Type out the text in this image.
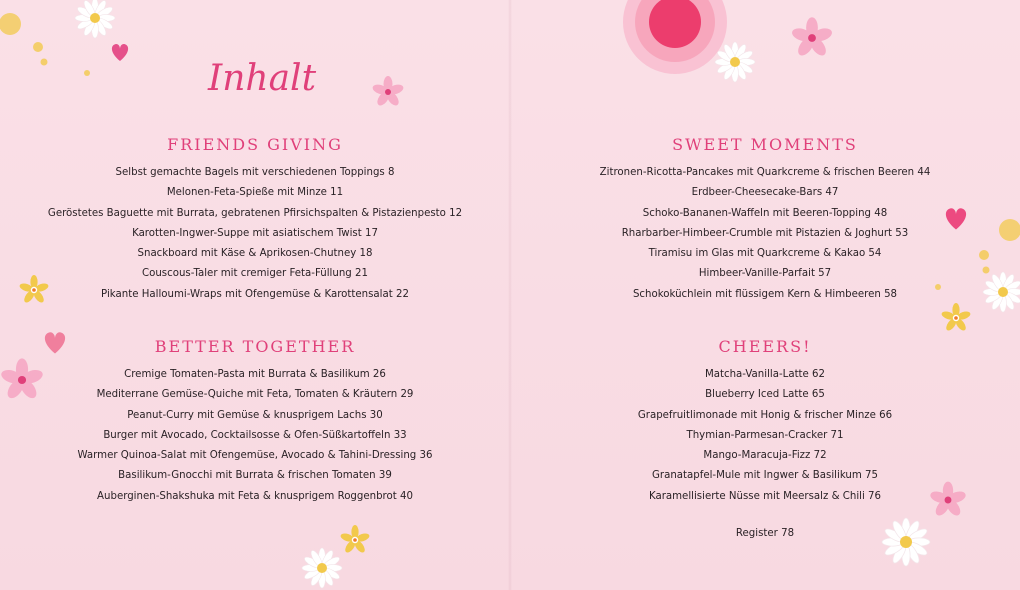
Inhalt
FRIENDS GIVING
Selbst gemachte Bagels mit verschiedenen Toppings 8
Melonen-Feta-Spieße mit Minze 11
Geröstetes Baguette mit Burrata, gebratenen Pfirsichspalten & Pistazienpesto 12
Karotten-Ingwer-Suppe mit asiatischem Twist 17
Snackboard mit Käse & Aprikosen-Chutney 18
Couscous-Taler mit cremiger Feta-Füllung 21
Pikante Halloumi-Wraps mit Ofengemüse & Karottensalat 22
BETTER TOGETHER
Cremige Tomaten-Pasta mit Burrata & Basilikum 26
Mediterrane Gemüse-Quiche mit Feta, Tomaten & Kräutern 29
Peanut-Curry mit Gemüse & knusprigem Lachs 30
Burger mit Avocado, Cocktailsosse & Ofen-Süßkartoffeln 33
Warmer Quinoa-Salat mit Ofengemüse, Avocado & Tahini-Dressing 36
Basilikum-Gnocchi mit Burrata & frischen Tomaten 39
Auberginen-Shakshuka mit Feta & knusprigem Roggenbrot 40
SWEET MOMENTS
Zitronen-Ricotta-Pancakes mit Quarkcreme & frischen Beeren 44
Erdbeer-Cheesecake-Bars 47
Schoko-Bananen-Waffeln mit Beeren-Topping 48
Rharbarber-Himbeer-Crumble mit Pistazien & Joghurt 53
Tiramisu im Glas mit Quarkcreme & Kakao 54
Himbeer-Vanille-Parfait 57
Schokoküchlein mit flüssigem Kern & Himbeeren 58
CHEERS!
Matcha-Vanilla-Latte 62
Blueberry Iced Latte 65
Grapefruitlimonade mit Honig & frischer Minze 66
Thymian-Parmesan-Cracker 71
Mango-Maracuja-Fizz 72
Granatapfel-Mule mit Ingwer & Basilikum 75
Karamellisierte Nüsse mit Meersalz & Chili 76
Register 78
